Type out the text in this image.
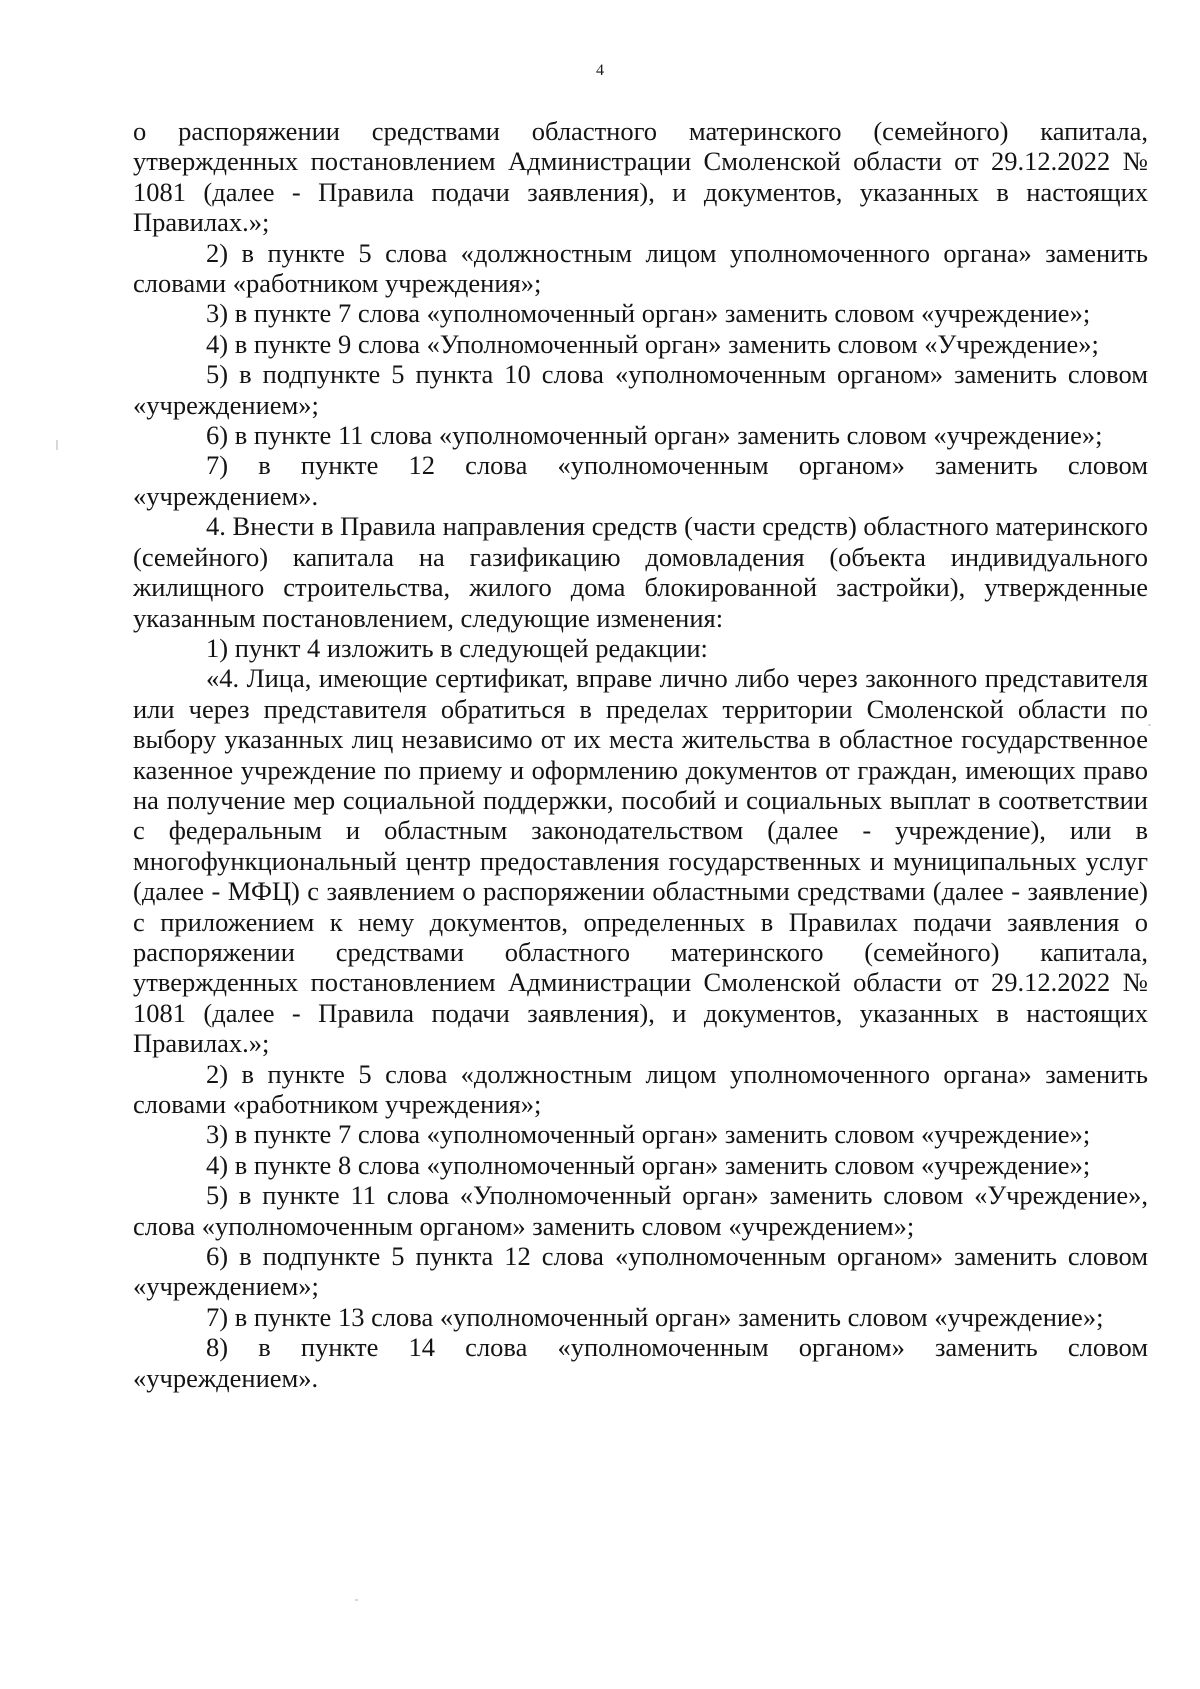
4

о распоряжении средствами областного материнского (семейного) капитала, утвержденных постановлением Администрации Смоленской области от 29.12.2022 № 1081 (далее - Правила подачи заявления), и документов, указанных в настоящих Правилах.»;

2) в пункте 5 слова «должностным лицом уполномоченного органа» заменить словами «работником учреждения»;

3) в пункте 7 слова «уполномоченный орган» заменить словом «учреждение»;

4) в пункте 9 слова «Уполномоченный орган» заменить словом «Учреждение»;

5) в подпункте 5 пункта 10 слова «уполномоченным органом» заменить словом «учреждением»;

6) в пункте 11 слова «уполномоченный орган» заменить словом «учреждение»;

7) в пункте 12 слова «уполномоченным органом» заменить словом «учреждением».

4. Внести в Правила направления средств (части средств) областного материнского (семейного) капитала на газификацию домовладения (объекта индивидуального жилищного строительства, жилого дома блокированной застройки), утвержденные указанным постановлением, следующие изменения:

1) пункт 4 изложить в следующей редакции:

«4. Лица, имеющие сертификат, вправе лично либо через законного представителя или через представителя обратиться в пределах территории Смоленской области по выбору указанных лиц независимо от их места жительства в областное государственное казенное учреждение по приему и оформлению документов от граждан, имеющих право на получение мер социальной поддержки, пособий и социальных выплат в соответствии с федеральным и областным законодательством (далее - учреждение), или в многофункциональный центр предоставления государственных и муниципальных услуг (далее - МФЦ) с заявлением о распоряжении областными средствами (далее - заявление) с приложением к нему документов, определенных в Правилах подачи заявления о распоряжении средствами областного материнского (семейного) капитала, утвержденных постановлением Администрации Смоленской области от 29.12.2022 № 1081 (далее - Правила подачи заявления), и документов, указанных в настоящих Правилах.»;

2) в пункте 5 слова «должностным лицом уполномоченного органа» заменить словами «работником учреждения»;

3) в пункте 7 слова «уполномоченный орган» заменить словом «учреждение»;

4) в пункте 8 слова «уполномоченный орган» заменить словом «учреждение»;

5) в пункте 11 слова «Уполномоченный орган» заменить словом «Учреждение», слова «уполномоченным органом» заменить словом «учреждением»;

6) в подпункте 5 пункта 12 слова «уполномоченным органом» заменить словом «учреждением»;

7) в пункте 13 слова «уполномоченный орган» заменить словом «учреждение»;

8) в пункте 14 слова «уполномоченным органом» заменить словом «учреждением».
